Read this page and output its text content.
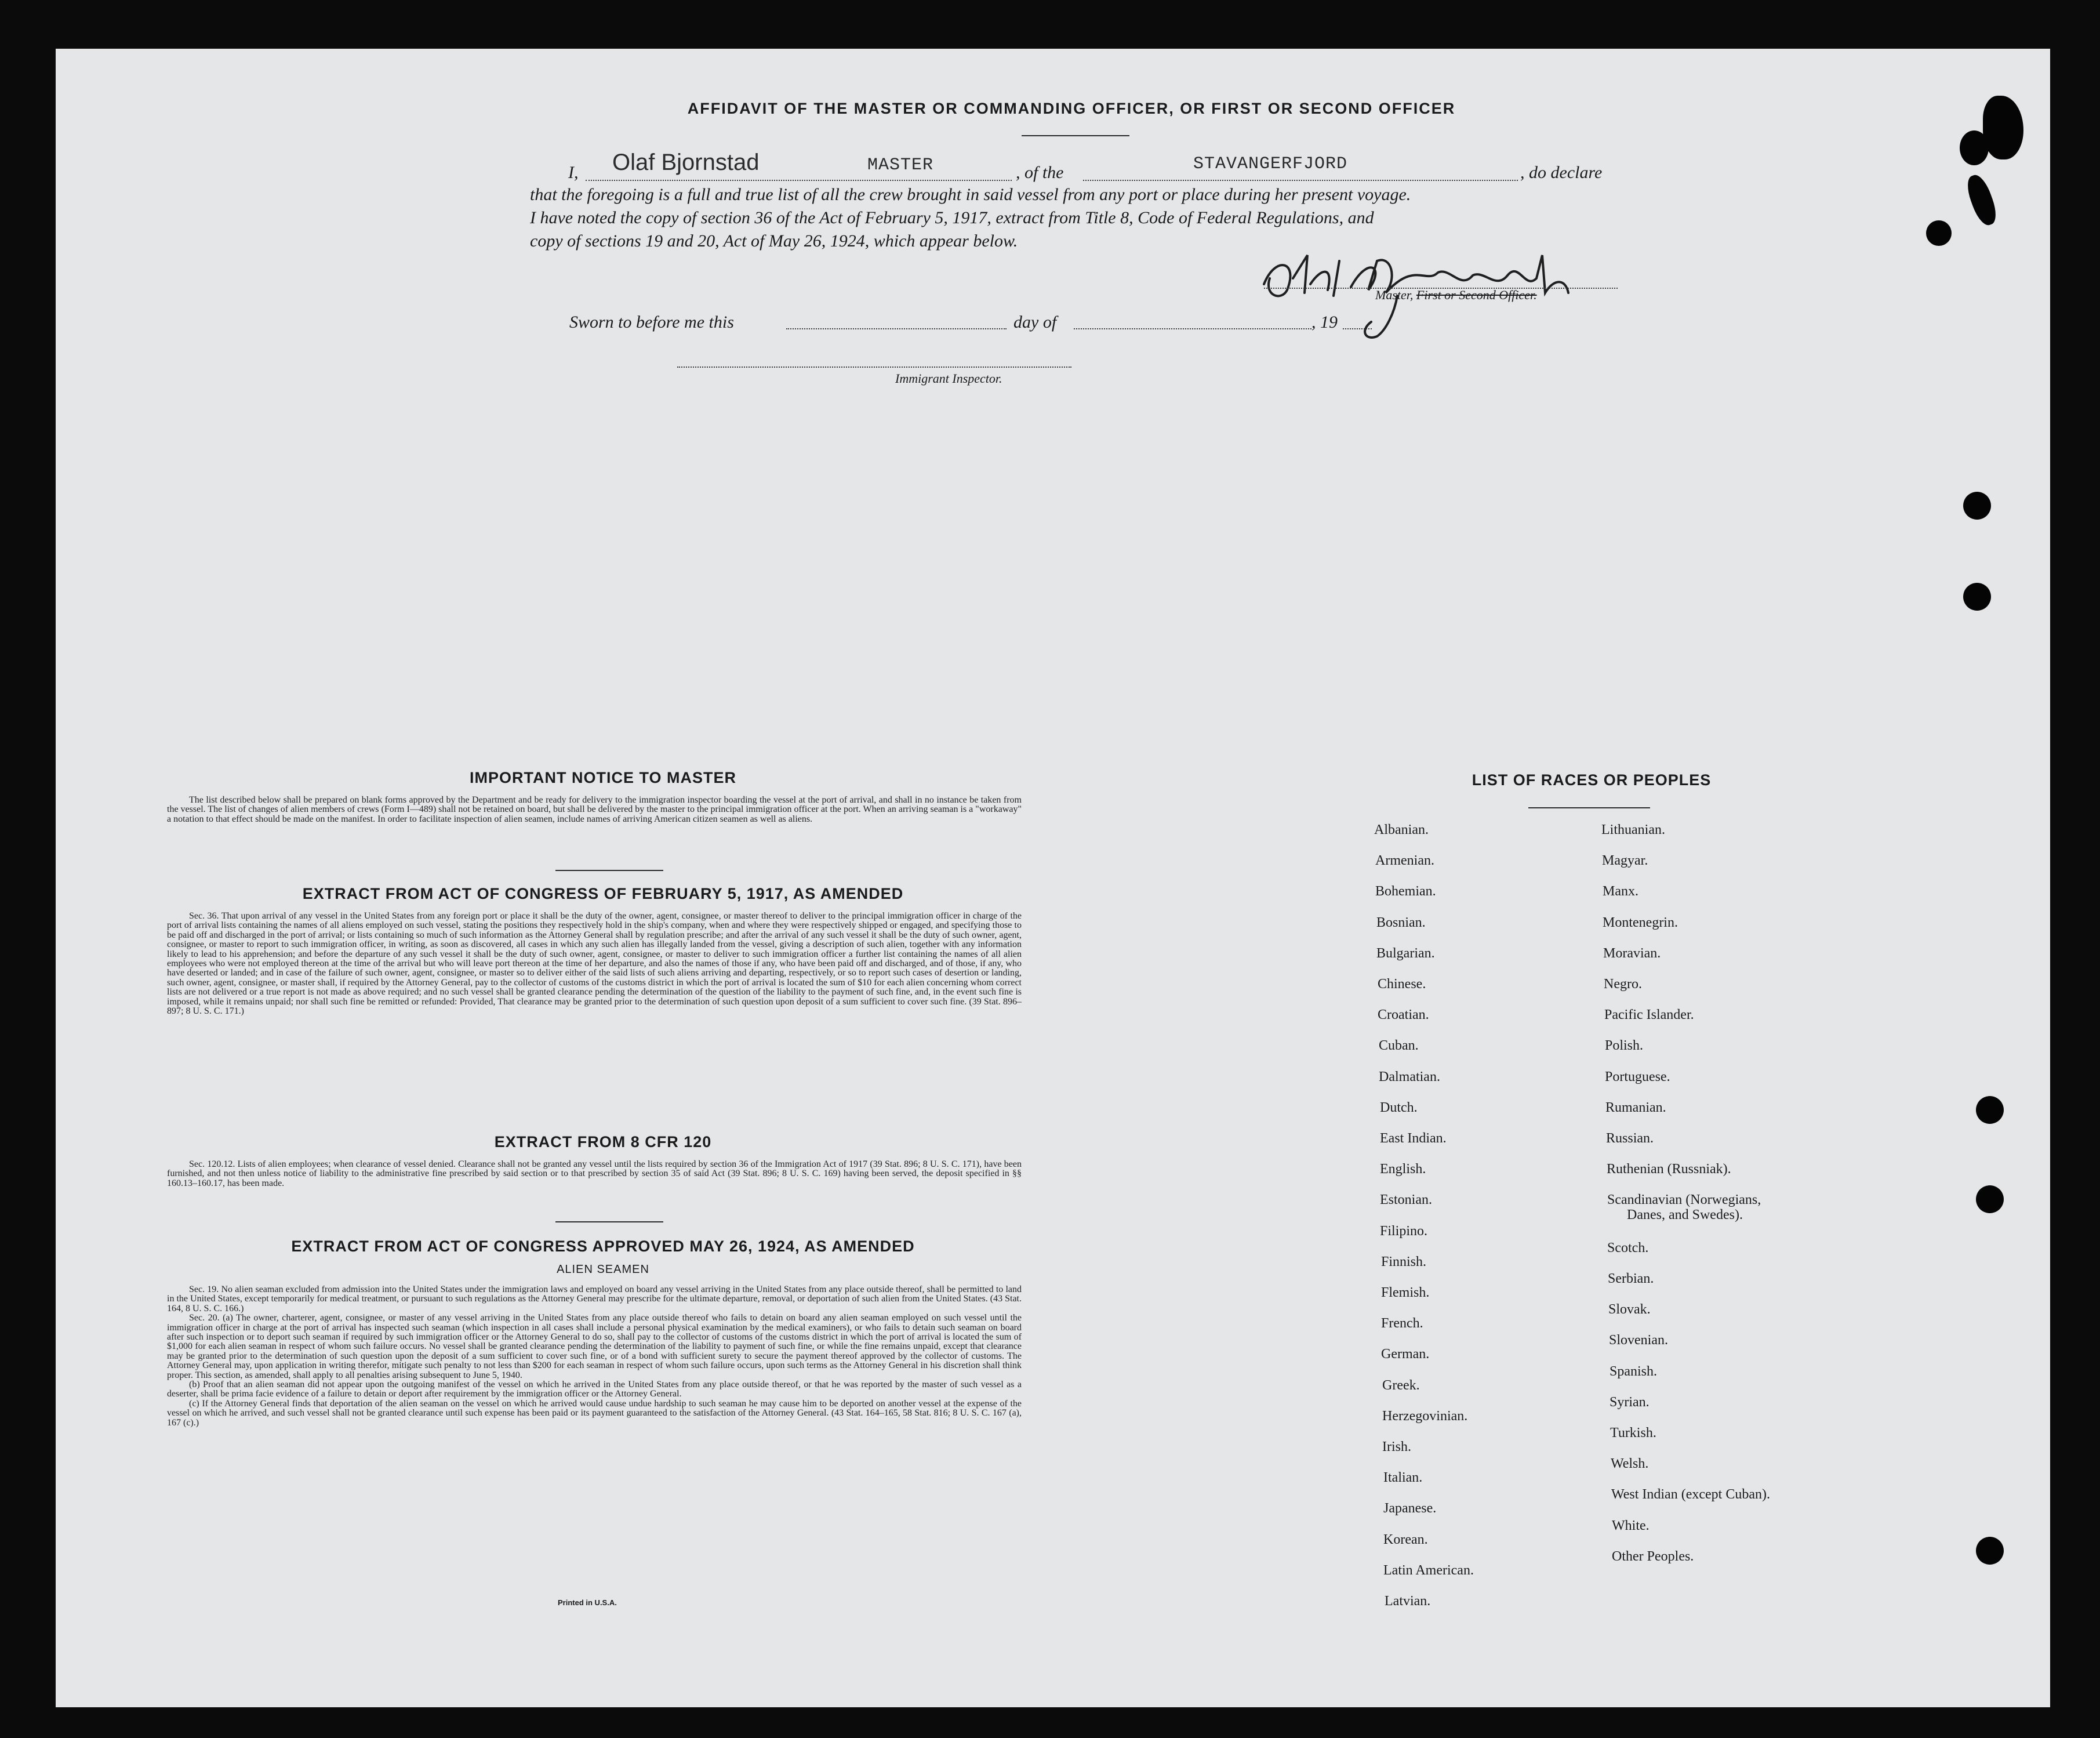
AFFIDAVIT OF THE MASTER OR COMMANDING OFFICER, OR FIRST OR SECOND OFFICER
I, Olaf Bjornstad	MASTER	, of the	STAVANGERFJORD	, do declare
that the foregoing is a full and true list of all the crew brought in said vessel from any port or place during her present voyage.
I have noted the copy of section 36 of the Act of February 5, 1917, extract from Title 8, Code of Federal Regulations, and
copy of sections 19 and 20, Act of May 26, 1924, which appear below.
Master, First or Second Officer.
Sworn to before me this	day of	, 19
Immigrant Inspector.
IMPORTANT NOTICE TO MASTER

The list described below shall be prepared on blank forms approved by the Department and be ready for delivery to the immigration inspector boarding the vessel at the port of arrival, and shall in no instance be taken from the vessel. The list of changes of alien members of crews (Form I—489) shall not be retained on board, but shall be delivered by the master to the principal immigration officer at the port. When an arriving seaman is a "workaway" a notation to that effect should be made on the manifest. In order to facilitate inspection of alien seamen, include names of arriving American citizen seamen as well as aliens.

EXTRACT FROM ACT OF CONGRESS OF FEBRUARY 5, 1917, AS AMENDED

Sec. 36. That upon arrival of any vessel in the United States from any foreign port or place it shall be the duty of the owner, agent, consignee, or master thereof to deliver to the principal immigration officer in charge of the port of arrival lists containing the names of all aliens employed on such vessel, stating the positions they respectively hold in the ship's company, when and where they were respectively shipped or engaged, and specifying those to be paid off and discharged in the port of arrival; or lists containing so much of such information as the Attorney General shall by regulation prescribe; and after the arrival of any such vessel it shall be the duty of such owner, agent, consignee, or master to report to such immigration officer, in writing, as soon as discovered, all cases in which any such alien has illegally landed from the vessel, giving a description of such alien, together with any information likely to lead to his apprehension; and before the departure of any such vessel it shall be the duty of such owner, agent, consignee, or master to deliver to such immigration officer a further list containing the names of all alien employees who were not employed thereon at the time of the arrival but who will leave port thereon at the time of her departure, and also the names of those if any, who have been paid off and discharged, and of those, if any, who have deserted or landed; and in case of the failure of such owner, agent, consignee, or master so to deliver either of the said lists of such aliens arriving and departing, respectively, or so to report such cases of desertion or landing, such owner, agent, consignee, or master shall, if required by the Attorney General, pay to the collector of customs of the customs district in which the port of arrival is located the sum of $10 for each alien concerning whom correct lists are not delivered or a true report is not made as above required; and no such vessel shall be granted clearance pending the determination of the question of the liability to the payment of such fine, and, in the event such fine is imposed, while it remains unpaid; nor shall such fine be remitted or refunded: Provided, That clearance may be granted prior to the determination of such question upon deposit of a sum sufficient to cover such fine. (39 Stat. 896–897; 8 U. S. C. 171.)

EXTRACT FROM 8 CFR 120

Sec. 120.12. Lists of alien employees; when clearance of vessel denied. Clearance shall not be granted any vessel until the lists required by section 36 of the Immigration Act of 1917 (39 Stat. 896; 8 U. S. C. 171), have been furnished, and not then unless notice of liability to the administrative fine prescribed by said section or to that prescribed by section 35 of said Act (39 Stat. 896; 8 U. S. C. 169) having been served, the deposit specified in §§ 160.13–160.17, has been made.

EXTRACT FROM ACT OF CONGRESS APPROVED MAY 26, 1924, AS AMENDED
ALIEN SEAMEN

Sec. 19. No alien seaman excluded from admission into the United States under the immigration laws and employed on board any vessel arriving in the United States from any place outside thereof, shall be permitted to land in the United States, except temporarily for medical treatment, or pursuant to such regulations as the Attorney General may prescribe for the ultimate departure, removal, or deportation of such alien from the United States. (43 Stat. 164, 8 U. S. C. 166.)

Sec. 20. (a) The owner, charterer, agent, consignee, or master of any vessel arriving in the United States from any place outside thereof who fails to detain on board any alien seaman employed on such vessel until the immigration officer in charge at the port of arrival has inspected such seaman (which inspection in all cases shall include a personal physical examination by the medical examiners), or who fails to detain such seaman on board after such inspection or to deport such seaman if required by such immigration officer or the Attorney General to do so, shall pay to the collector of customs of the customs district in which the port of arrival is located the sum of $1,000 for each alien seaman in respect of whom such failure occurs. No vessel shall be granted clearance pending the determination of the liability to payment of such fine, or while the fine remains unpaid, except that clearance may be granted prior to the determination of such question upon the deposit of a sum sufficient to cover such fine, or of a bond with sufficient surety to secure the payment thereof approved by the collector of customs. The Attorney General may, upon application in writing therefor, mitigate such penalty to not less than $200 for each seaman in respect of whom such failure occurs, upon such terms as the Attorney General in his discretion shall think proper. This section, as amended, shall apply to all penalties arising subsequent to June 5, 1940.

(b) Proof that an alien seaman did not appear upon the outgoing manifest of the vessel on which he arrived in the United States from any place outside thereof, or that he was reported by the master of such vessel as a deserter, shall be prima facie evidence of a failure to detain or deport after requirement by the immigration officer or the Attorney General.

(c) If the Attorney General finds that deportation of the alien seaman on the vessel on which he arrived would cause undue hardship to such seaman he may cause him to be deported on another vessel at the expense of the vessel on which he arrived, and such vessel shall not be granted clearance until such expense has been paid or its payment guaranteed to the satisfaction of the Attorney General. (43 Stat. 164–165, 58 Stat. 816; 8 U. S. C. 167 (a), 167 (c).)

Printed in U.S.A.
LIST OF RACES OR PEOPLES
Albanian.
Armenian.
Bohemian.
Bosnian.
Bulgarian.
Chinese.
Croatian.
Cuban.
Dalmatian.
Dutch.
East Indian.
English.
Estonian.
Filipino.
Finnish.
Flemish.
French.
German.
Greek.
Herzegovinian.
Irish.
Italian.
Japanese.
Korean.
Latin American.
Latvian.
Lithuanian.
Magyar.
Manx.
Montenegrin.
Moravian.
Negro.
Pacific Islander.
Polish.
Portuguese.
Rumanian.
Russian.
Ruthenian (Russniak).
Scandinavian (Norwegians,
Danes, and Swedes).
Scotch.
Serbian.
Slovak.
Slovenian.
Spanish.
Syrian.
Turkish.
Welsh.
West Indian (except Cuban).
White.
Other Peoples.
